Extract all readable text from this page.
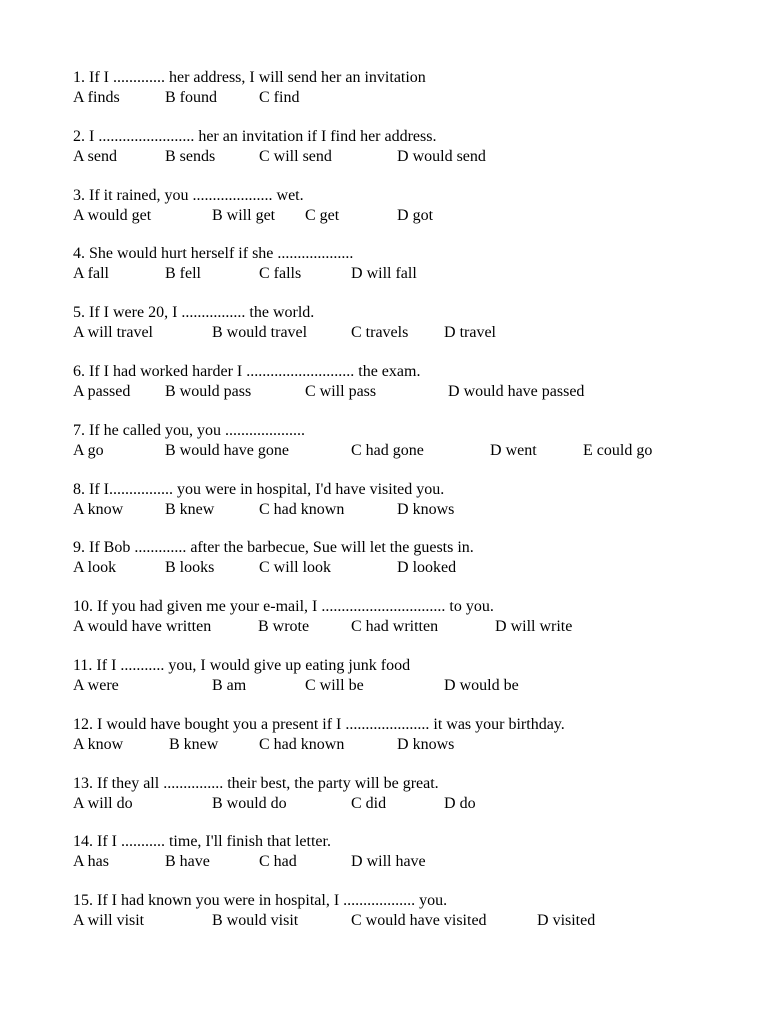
1. If I ............. her address, I will send her an invitation
A finds	B found	C find
2. I ........................ her an invitation if I find her address.
A send	B sends	C will send	D would send
3. If it rained, you .................... wet.
A would get	B will get C get	D got
4. She would hurt herself if she ...................
A fall	B fell	C falls	D will fall
5. If I were 20, I ................ the world.
A will travel	B would travel	C travels D travel
6. If I had worked harder I ........................... the exam.
A passed B would pass	C will pass	D would have passed
7. If he called you, you ....................
A go	B would have gone	C had gone	D went	E could go
8. If I................ you were in hospital, I'd have visited you.
A know	B knew	C had known	D knows
9. If Bob ............. after the barbecue, Sue will let the guests in.
A look	B looks	C will look	D looked
10. If you had given me your e-mail, I ............................... to you.
A would have written	B wrote	C had written	D will write
11. If I ........... you, I would give up eating junk food
A were	B am	C will be	D would be
12. I would have bought you a present if I ..................... it was your birthday.
A know	B knew	C had known	D knows
13. If they all ............... their best, the party will be great.
A will do	B would do	C did	D do
14. If I ........... time, I'll finish that letter.
A has	B have	C had	D will have
15. If I had known you were in hospital, I .................. you.
A will visit	B would visit	C would have visited	D visited
